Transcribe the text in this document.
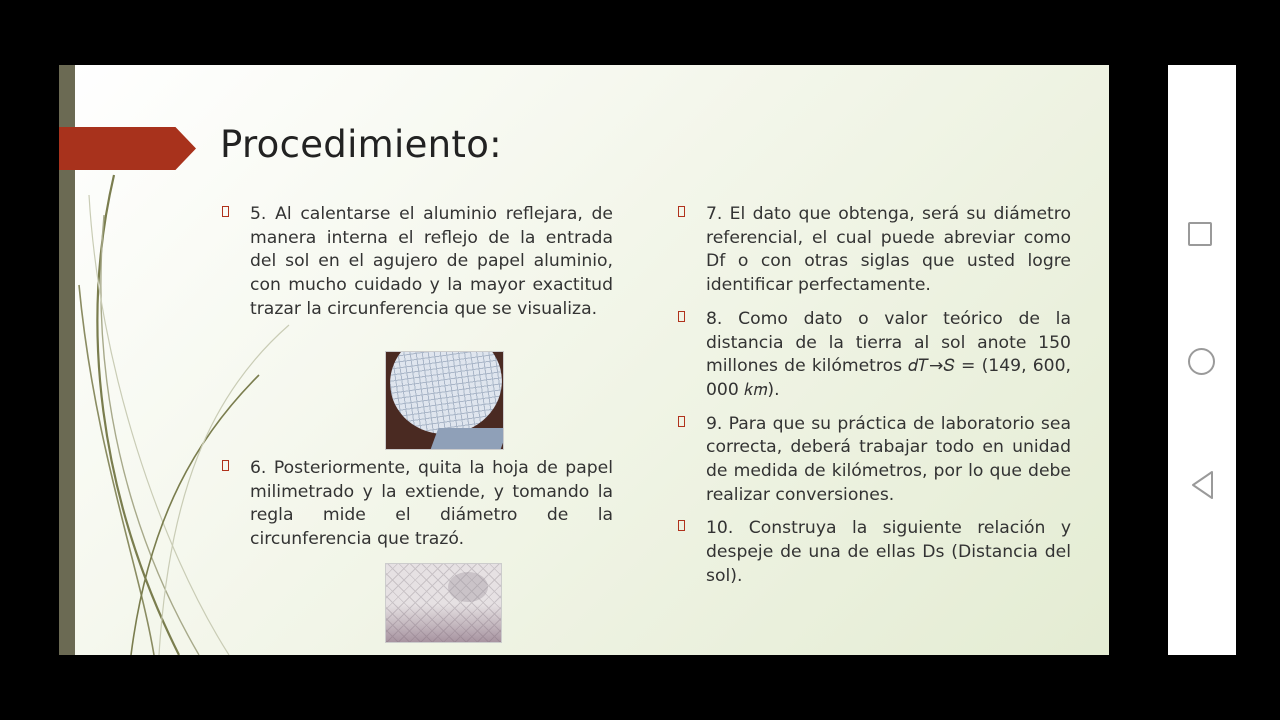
Procedimiento:
5. Al calentarse el aluminio reflejara, de manera interna el reflejo de la entrada del sol en el agujero de papel aluminio, con mucho cuidado y la mayor exactitud trazar la circunferencia que se visualiza.
6. Posteriormente, quita la hoja de papel milimetrado y la extiende, y tomando la regla mide el diámetro de la circunferencia que trazó.
7. El dato que obtenga, será su diámetro referencial, el cual puede abreviar como Df o con otras siglas que usted logre identificar perfectamente.
8. Como dato o valor teórico de la distancia de la tierra al sol anote 150 millones de kilómetros 𝑑𝑇→𝑆 = (149, 600, 000 𝑘𝑚).
9. Para que su práctica de laboratorio sea correcta, deberá trabajar todo en unidad de medida de kilómetros, por lo que debe realizar conversiones.
10. Construya la siguiente relación y despeje de una de ellas Ds (Distancia del sol).
